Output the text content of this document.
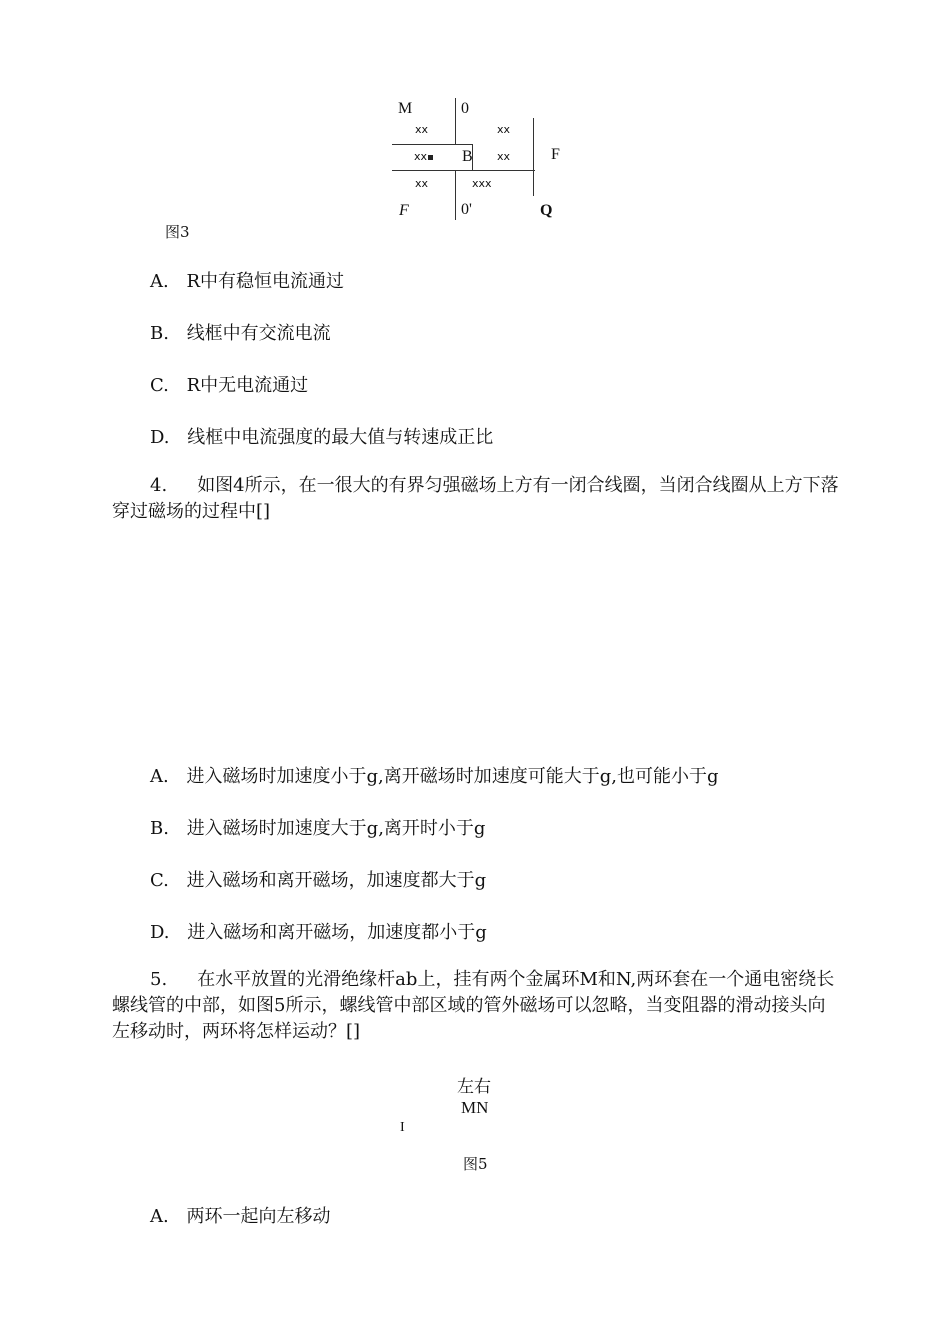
M	0
xx	xx
xx B xx	F
xx	xxx
F	0'	Q
图3
A. R中有稳恒电流通过
B. 线框中有交流电流
C. R中无电流通过
D. 线框中电流强度的最大值与转速成正比
4. 如图4所示，在一很大的有界匀强磁场上方有一闭合线圈，当闭合线圈从上方下落穿过磁场的过程中[]
A. 进入磁场时加速度小于g,离开磁场时加速度可能大于g,也可能小于g
B. 进入磁场时加速度大于g,离开时小于g
C. 进入磁场和离开磁场，加速度都大于g
D. 进入磁场和离开磁场，加速度都小于g
5. 在水平放置的光滑绝缘杆ab上，挂有两个金属环M和N,两环套在一个通电密绕长螺线管的中部，如图5所示，螺线管中部区域的管外磁场可以忽略，当变阻器的滑动接头向左移动时，两环将怎样运动？[]
左右
MN
I
图5
A. 两环一起向左移动
